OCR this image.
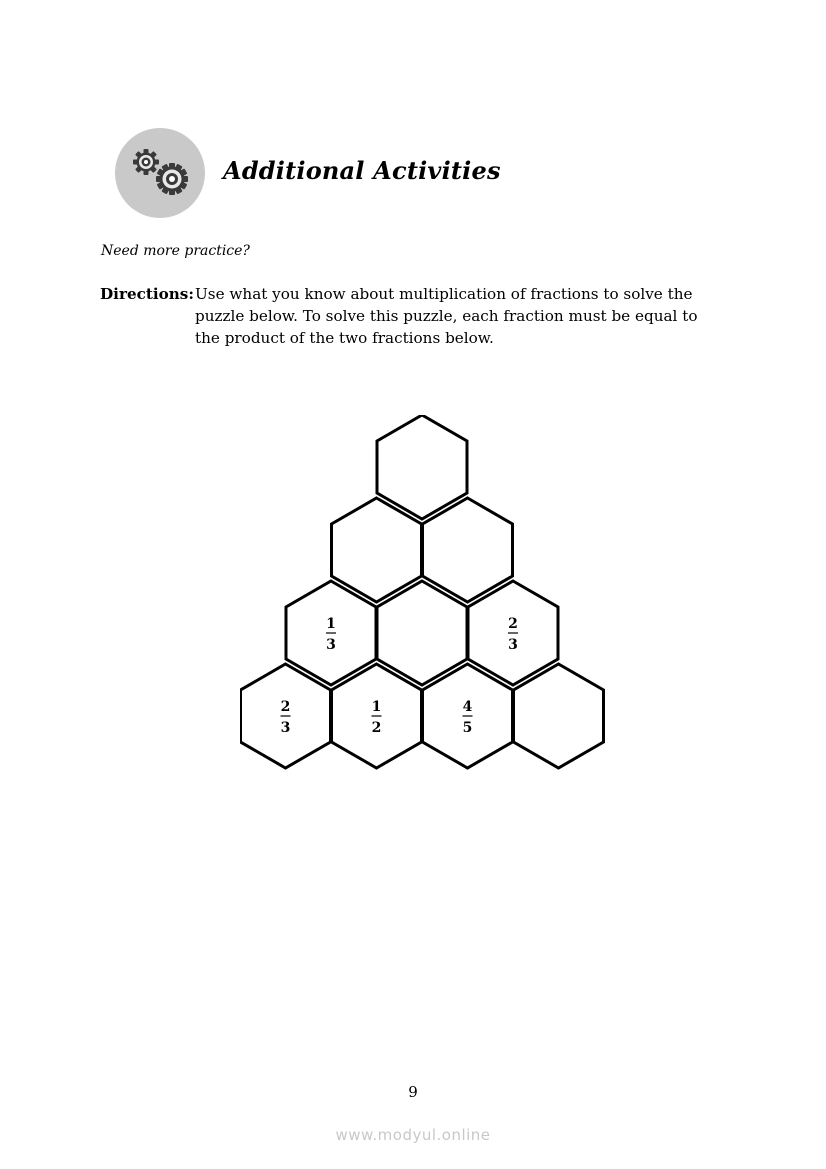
Additional Activities
Need more practice?
Directions:Use what you know about multiplication of fractions to solve the
puzzle below. To solve this puzzle, each fraction must be equal to
the product of the two fractions below.
1
3
2
3
2
3
1
2
4
5
9
www.modyul.online
